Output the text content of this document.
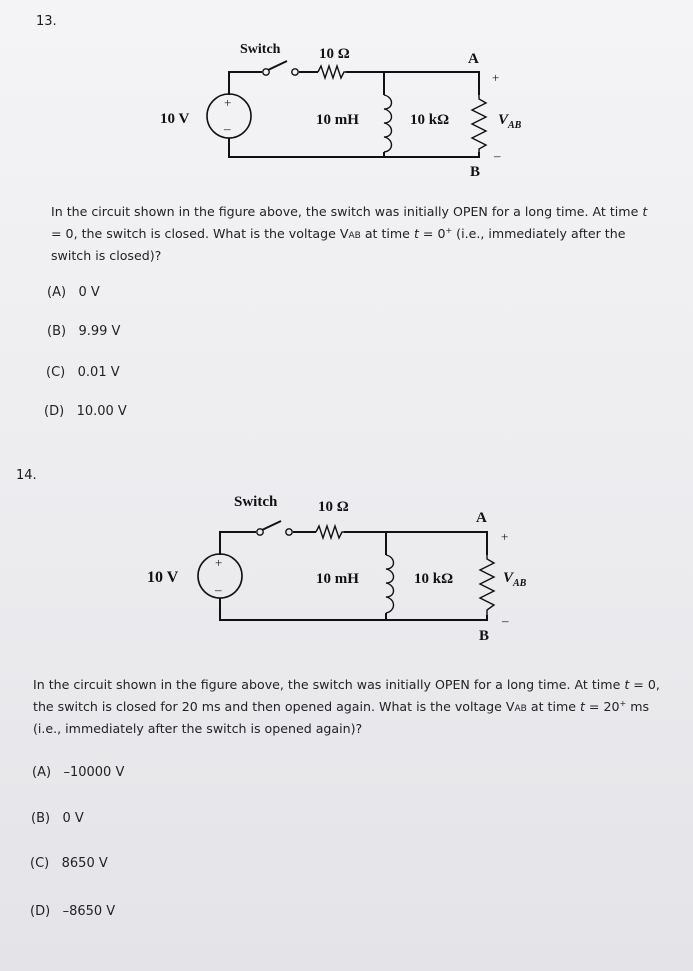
13.
Switch	10 Ω	A
+
10 V	10 mH	10 kΩ	$V_{AB}$
–
B
+
–
In the circuit shown in the figure above, the switch was initially OPEN for a long time. At time t = 0, the switch is closed. What is the voltage VAB at time t = 0+ (i.e., immediately after the switch is closed)?
(A) 0 V
(B) 9.99 V
(C) 0.01 V
(D) 10.00 V
14.
Switch	10 Ω
A
+
10 V	10 mH	10 kΩ	$V_{AB}$
–
B
+
–
In the circuit shown in the figure above, the switch was initially OPEN for a long time. At time t = 0, the switch is closed for 20 ms and then opened again. What is the voltage VAB at time t = 20+ ms (i.e., immediately after the switch is opened again)?
(A) –10000 V
(B) 0 V
(C) 8650 V
(D) –8650 V
